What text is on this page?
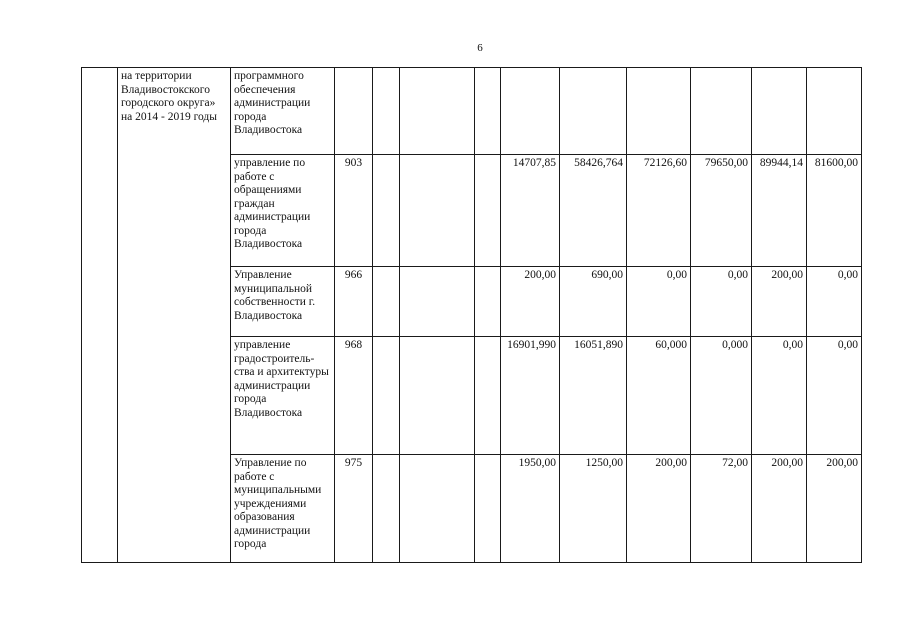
6
	на территории Владивостокского городского округа» на 2014 - 2019 годы	программного обеспечения администрации города Владивостока										
		управление по работе с обращениями граждан администрации города Владивостока	903				14707,85	58426,764	72126,60	79650,00	89944,14	81600,00
		Управление муниципальной собственности г. Владивостока	966				200,00	690,00	0,00	0,00	200,00	0,00
		управление градостроитель-ства и архитектуры администрации города Владивостока	968				16901,990	16051,890	60,000	0,000	0,00	0,00
		Управление по работе с муниципальными учреждениями образования администрации города	975				1950,00	1250,00	200,00	72,00	200,00	200,00
